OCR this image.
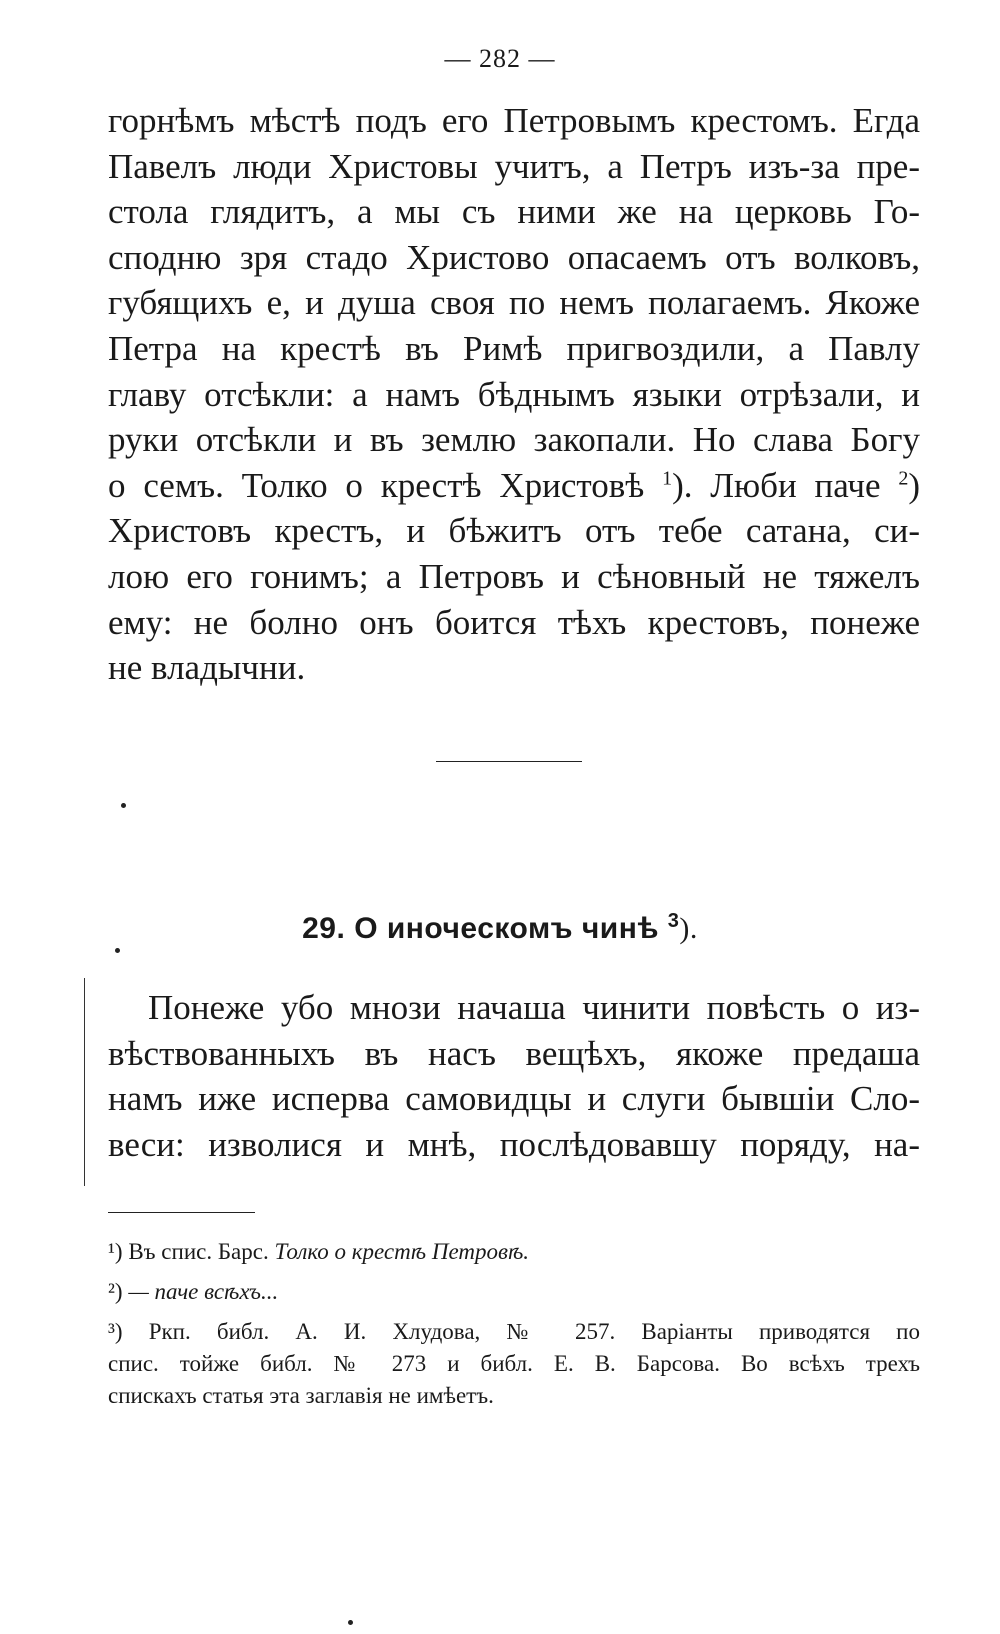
— 282 —
горнѣмъ мѣстѣ подъ его Петровымъ крестомъ. Егда
Павелъ люди Христовы учитъ, а Петръ изъ-за пре-
стола глядитъ, а мы съ ними же на церковь Го-
сподню зря стадо Христово опасаемъ отъ волковъ,
губящихъ е, и душа своя по немъ полагаемъ. Якоже
Петра на крестѣ въ Римѣ пригвоздили, а Павлу
главу отсѣкли: а намъ бѣднымъ языки отрѣзали, и
руки отсѣкли и въ землю закопали. Но слава Богу
о семъ. Толко о крестѣ Христовѣ $^1$). Люби паче $^2$)
Христовъ крестъ, и бѣжитъ отъ тебе сатана, си-
лою его гонимъ; а Петровъ и сѣновный не тяжелъ
ему: не болно онъ боится тѣхъ крестовъ, понеже
не владычни.
29. О иноческомъ чинѣ $^3$).
Понеже убо мнози начаша чинити повѣсть о из-
вѣствованныхъ въ насъ вещѣхъ, якоже предаша
намъ иже исперва самовидцы и слуги бывшіи Сло-
веси: изволися и мнѣ, послѣдовавшу поряду, на-
¹) Въ спис. Барс. Толко о крестѣ Петровѣ.
²) — паче всѣхъ...
³) Ркп. библ. А. И. Хлудова, № 257. Варіанты приводятся по
спис. тойже библ. № 273 и библ. Е. В. Барсова. Во всѣхъ трехъ
спискахъ статья эта заглавія не имѣетъ.
